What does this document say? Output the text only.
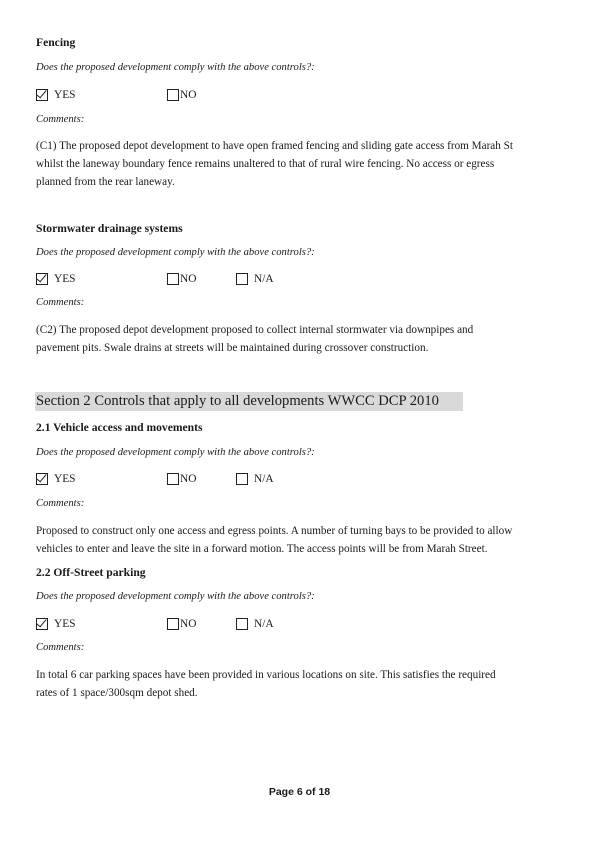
Fencing
Does the proposed development comply with the above controls?:
YES	NO
Comments:
(C1) The proposed depot development to have open framed fencing and sliding gate access from Marah St
whilst the laneway boundary fence remains unaltered to that of rural wire fencing. No access or egress
planned from the rear laneway.
Stormwater drainage systems
Does the proposed development comply with the above controls?:
YES	NO	N/A
Comments:
(C2) The proposed depot development proposed to collect internal stormwater via downpipes and
pavement pits. Swale drains at streets will be maintained during crossover construction.
Section 2 Controls that apply to all developments WWCC DCP 2010
2.1 Vehicle access and movements
Does the proposed development comply with the above controls?:
YES	NO	N/A
Comments:
Proposed to construct only one access and egress points. A number of turning bays to be provided to allow
vehicles to enter and leave the site in a forward motion. The access points will be from Marah Street.
2.2 Off-Street parking
Does the proposed development comply with the above controls?:
YES	NO	N/A
Comments:
In total 6 car parking spaces have been provided in various locations on site. This satisfies the required
rates of 1 space/300sqm depot shed.
Page 6 of 18
